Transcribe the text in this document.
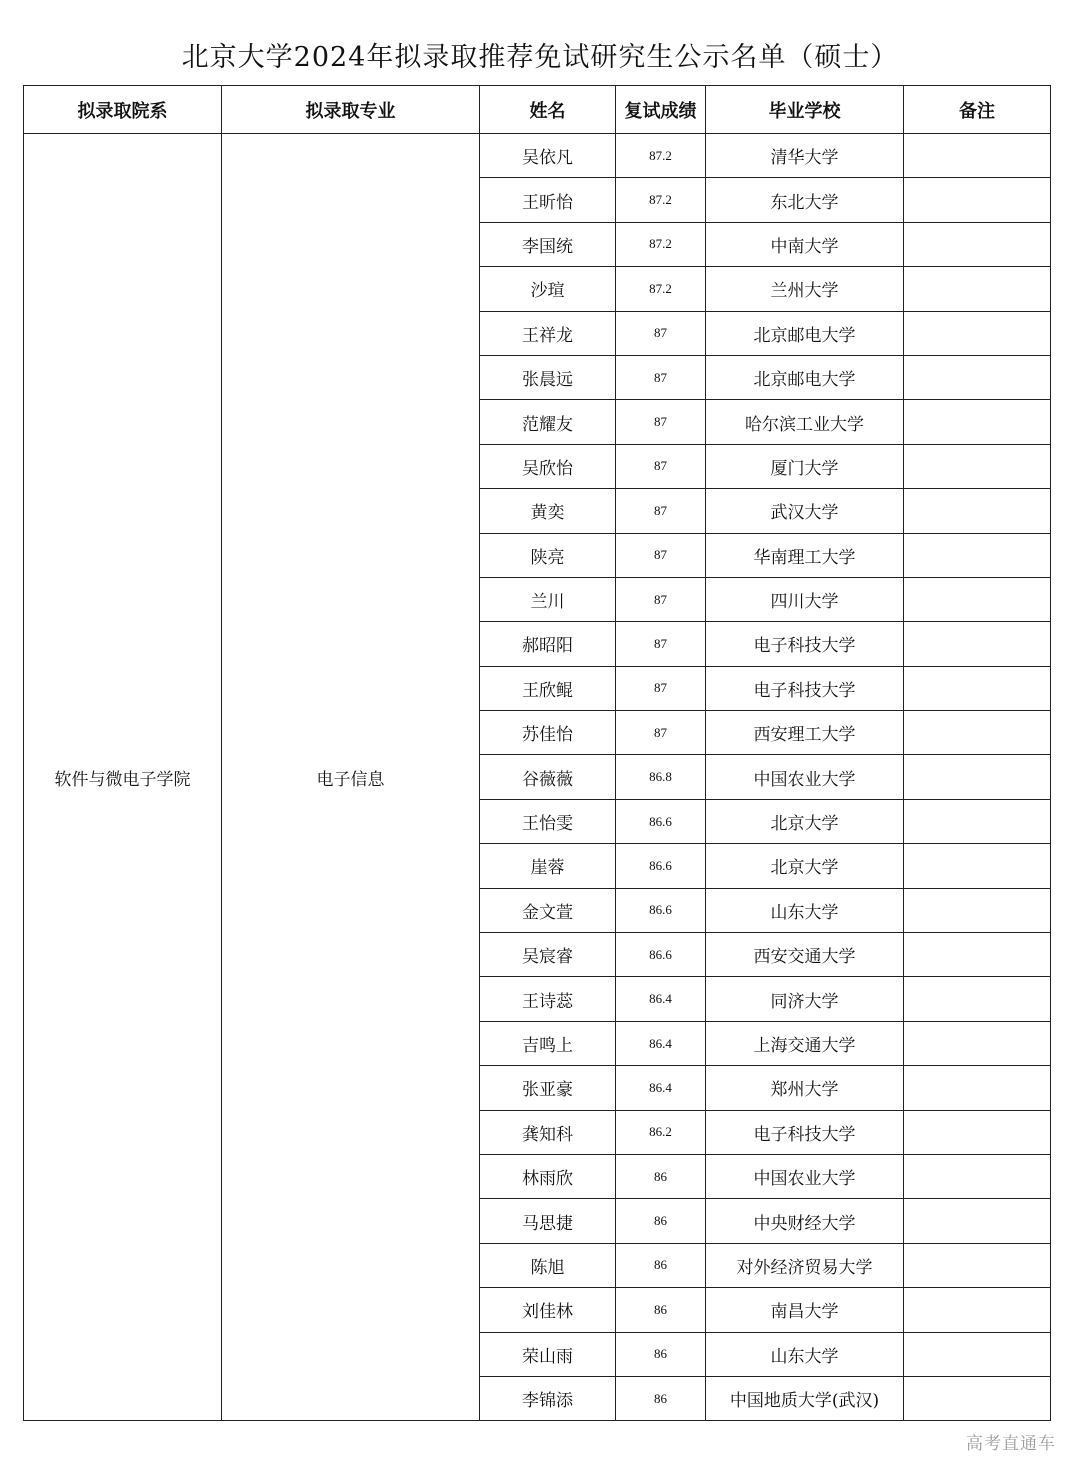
北京大学2024年拟录取推荐免试研究生公示名单（硕士）
拟录取院系	拟录取专业	姓名	复试成绩	毕业学校	备注
软件与微电子学院	电子信息	吴依凡	87.2	清华大学	
		王昕怡	87.2	东北大学	
		李国统	87.2	中南大学	
		沙瑄	87.2	兰州大学	
		王祥龙	87	北京邮电大学	
		张晨远	87	北京邮电大学	
		范耀友	87	哈尔滨工业大学	
		吴欣怡	87	厦门大学	
		黄奕	87	武汉大学	
		陕亮	87	华南理工大学	
		兰川	87	四川大学	
		郝昭阳	87	电子科技大学	
		王欣鲲	87	电子科技大学	
		苏佳怡	87	西安理工大学	
		谷薇薇	86.8	中国农业大学	
		王怡雯	86.6	北京大学	
		崖蓉	86.6	北京大学	
		金文萱	86.6	山东大学	
		吴宸睿	86.6	西安交通大学	
		王诗蕊	86.4	同济大学	
		吉鸣上	86.4	上海交通大学	
		张亚豪	86.4	郑州大学	
		龚知科	86.2	电子科技大学	
		林雨欣	86	中国农业大学	
		马思捷	86	中央财经大学	
		陈旭	86	对外经济贸易大学	
		刘佳林	86	南昌大学	
		荣山雨	86	山东大学	
		李锦添	86	中国地质大学(武汉)	
高考直通车
